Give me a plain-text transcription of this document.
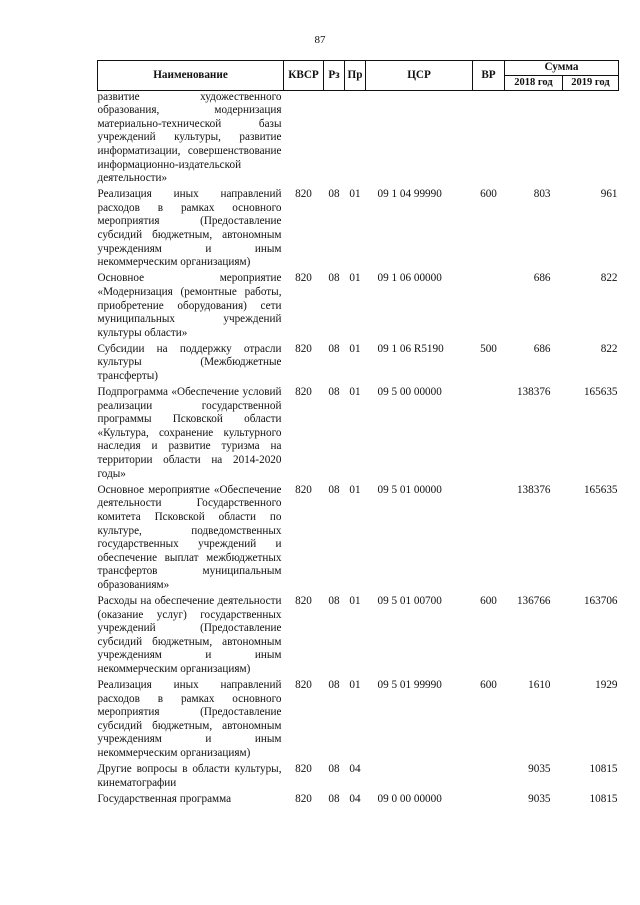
87
Наименование	КВСР	Рз	Пр	ЦСР	ВР	Сумма	
						2018 год	2019 год
развитие художественного образования, модернизация материально-технической базы учреждений культуры, развитие информатизации, совершенствование информационно-издательской деятельности»							
Реализация иных направлений расходов в рамках основного мероприятия (Предоставление субсидий бюджетным, автономным учреждениям и иным некоммерческим организациям)	820	08	01	09 1 04 99990	600	803	961
Основное мероприятие «Модернизация (ремонтные работы, приобретение оборудования) сети муниципальных учреждений культуры области»	820	08	01	09 1 06 00000		686	822
Субсидии на поддержку отрасли культуры (Межбюджетные трансферты)	820	08	01	09 1 06 R5190	500	686	822
Подпрограмма «Обеспечение условий реализации государственной программы Псковской области «Культура, сохранение культурного наследия и развитие туризма на территории области на 2014-2020 годы»	820	08	01	09 5 00 00000		138376	165635
Основное мероприятие «Обеспечение деятельности Государственного комитета Псковской области по культуре, подведомственных государственных учреждений и обеспечение выплат межбюджетных трансфертов муниципальным образованиям»	820	08	01	09 5 01 00000		138376	165635
Расходы на обеспечение деятельности (оказание услуг) государственных учреждений (Предоставление субсидий бюджетным, автономным учреждениям и иным некоммерческим организациям)	820	08	01	09 5 01 00700	600	136766	163706
Реализация иных направлений расходов в рамках основного мероприятия (Предоставление субсидий бюджетным, автономным учреждениям и иным некоммерческим организациям)	820	08	01	09 5 01 99990	600	1610	1929
Другие вопросы в области культуры, кинематографии	820	08	04			9035	10815
Государственная программа	820	08	04	09 0 00 00000		9035	10815
